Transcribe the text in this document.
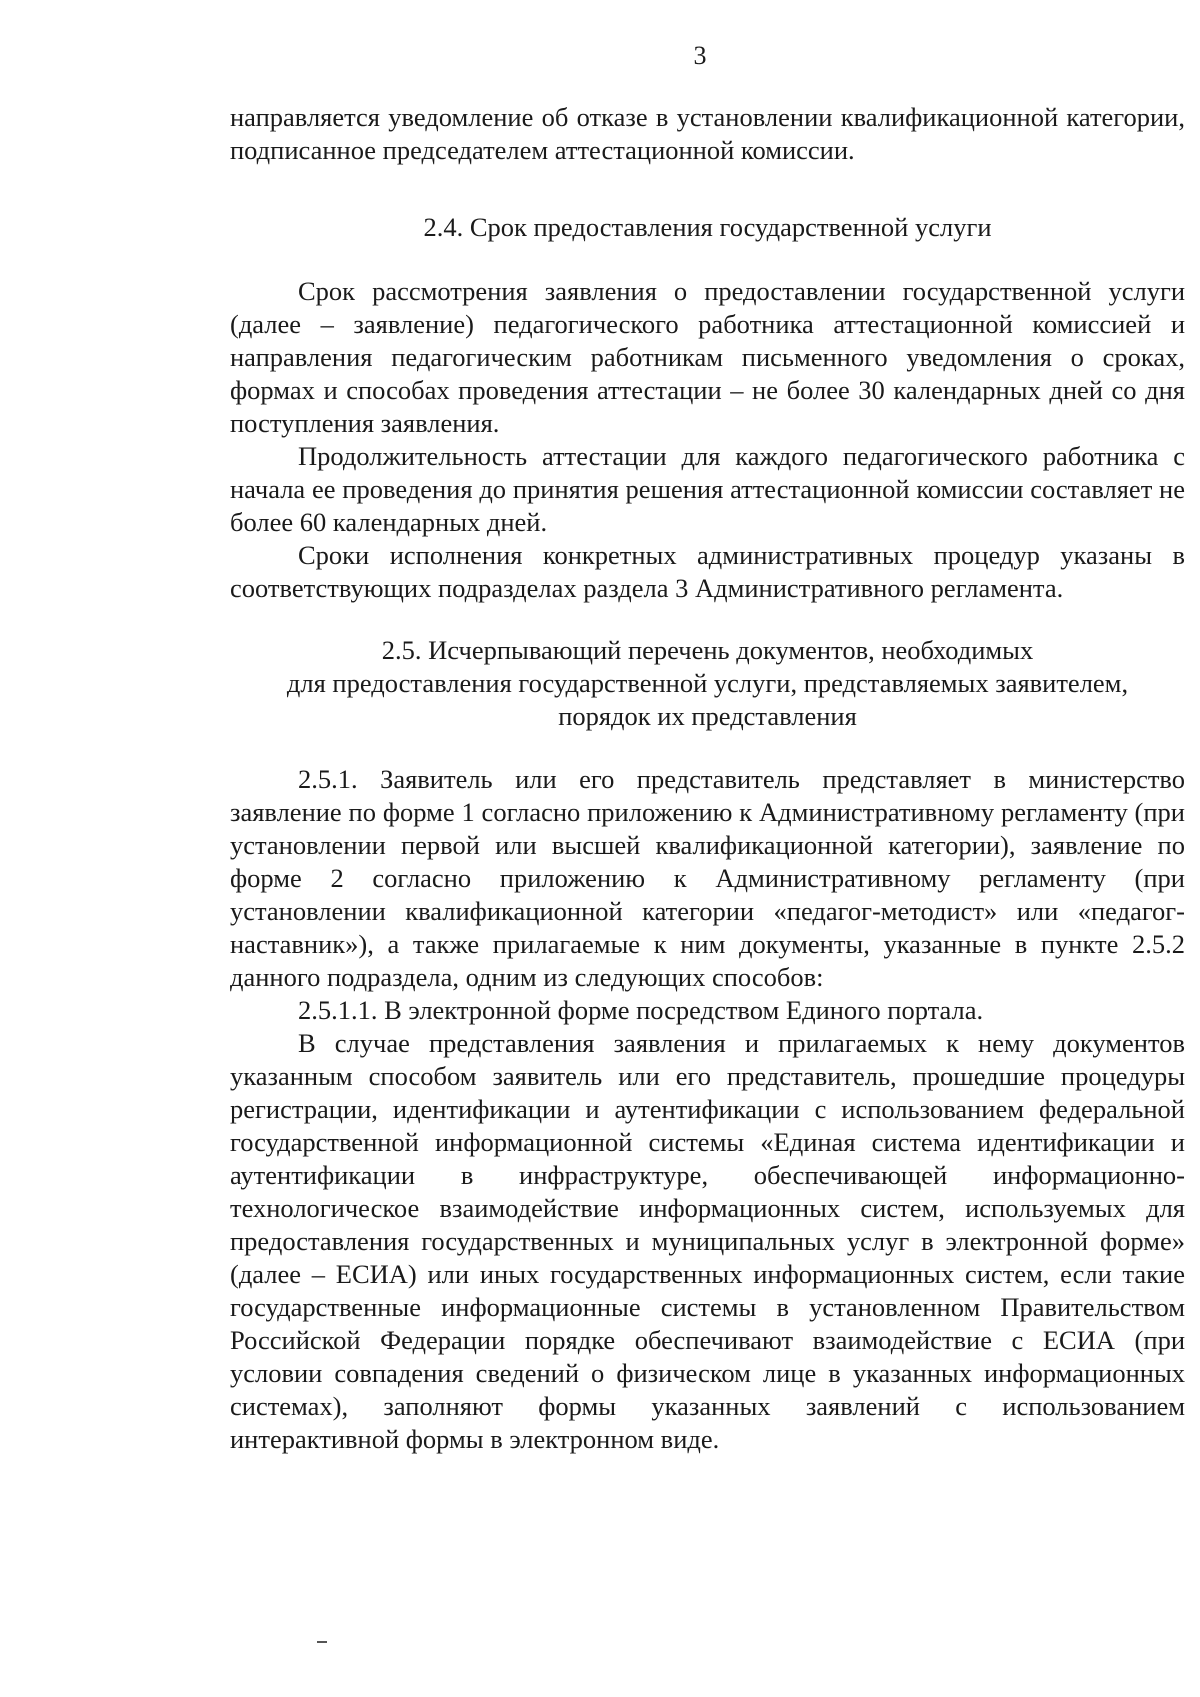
3

направляется уведомление об отказе в установлении квалификационной категории, подписанное председателем аттестационной комиссии.

2.4. Срок предоставления государственной услуги

Срок рассмотрения заявления о предоставлении государственной услуги (далее – заявление) педагогического работника аттестационной комиссией и направления педагогическим работникам письменного уведомления о сроках, формах и способах проведения аттестации – не более 30 календарных дней со дня поступления заявления.

Продолжительность аттестации для каждого педагогического работника с начала ее проведения до принятия решения аттестационной комиссии составляет не более 60 календарных дней.

Сроки исполнения конкретных административных процедур указаны в соответствующих подразделах раздела 3 Административного регламента.

2.5. Исчерпывающий перечень документов, необходимых
для предоставления государственной услуги, представляемых заявителем,
порядок их представления

2.5.1. Заявитель или его представитель представляет в министерство заявление по форме 1 согласно приложению к Административному регламенту (при установлении первой или высшей квалификационной категории), заявление по форме 2 согласно приложению к Административному регламенту (при установлении квалификационной категории «педагог-методист» или «педагог-наставник»), а также прилагаемые к ним документы, указанные в пункте 2.5.2 данного подраздела, одним из следующих способов:

2.5.1.1. В электронной форме посредством Единого портала.

В случае представления заявления и прилагаемых к нему документов указанным способом заявитель или его представитель, прошедшие процедуры регистрации, идентификации и аутентификации с использованием федеральной государственной информационной системы «Единая система идентификации и аутентификации в инфраструктуре, обеспечивающей информационно-технологическое взаимодействие информационных систем, используемых для предоставления государственных и муниципальных услуг в электронной форме» (далее – ЕСИА) или иных государственных информационных систем, если такие государственные информационные системы в установленном Правительством Российской Федерации порядке обеспечивают взаимодействие с ЕСИА (при условии совпадения сведений о физическом лице в указанных информационных системах), заполняют формы указанных заявлений с использованием интерактивной формы в электронном виде.
